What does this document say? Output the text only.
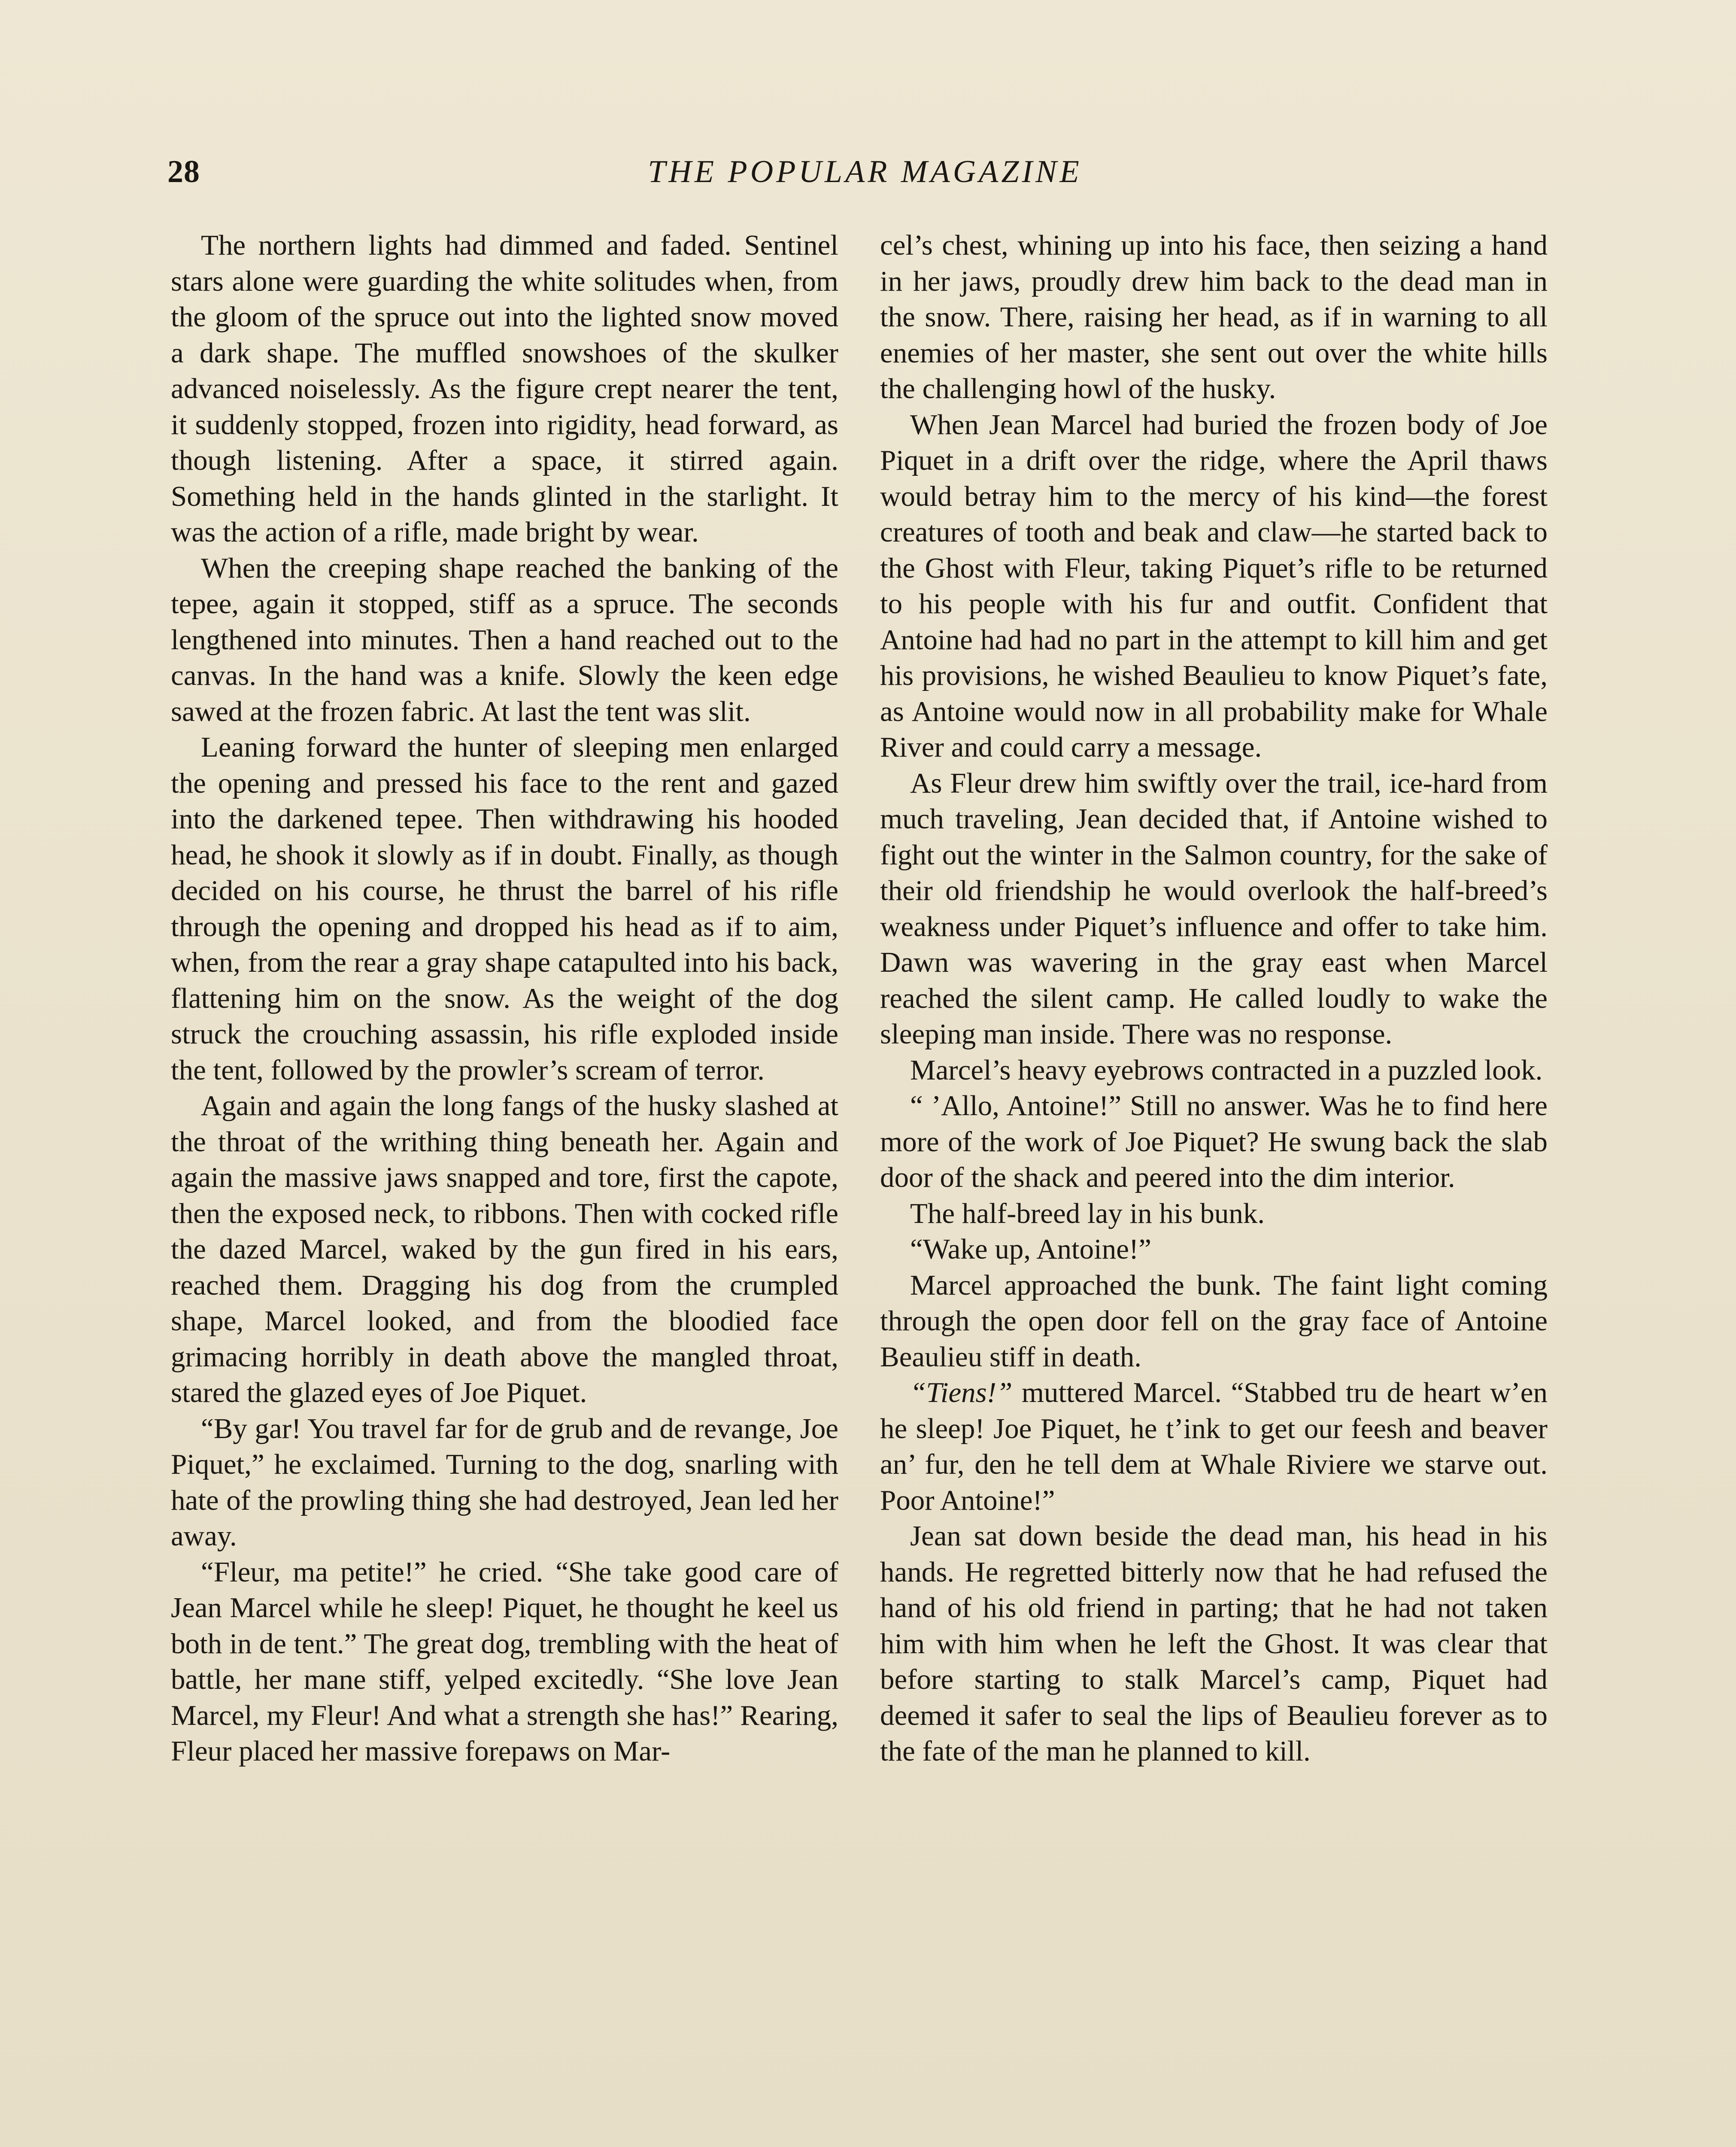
28	THE POPULAR MAGAZINE

The northern lights had dimmed and faded. Sentinel stars alone were guarding the white solitudes when, from the gloom of the spruce out into the lighted snow moved a dark shape. The muffled snowshoes of the skulker advanced noiselessly. As the figure crept nearer the tent, it suddenly stopped, frozen into rigidity, head forward, as though listening. After a space, it stirred again. Something held in the hands glinted in the starlight. It was the action of a rifle, made bright by wear.

When the creeping shape reached the banking of the tepee, again it stopped, stiff as a spruce. The seconds lengthened into minutes. Then a hand reached out to the canvas. In the hand was a knife. Slowly the keen edge sawed at the frozen fabric. At last the tent was slit.

Leaning forward the hunter of sleeping men enlarged the opening and pressed his face to the rent and gazed into the darkened tepee. Then withdrawing his hooded head, he shook it slowly as if in doubt. Finally, as though decided on his course, he thrust the barrel of his rifle through the opening and dropped his head as if to aim, when, from the rear a gray shape catapulted into his back, flattening him on the snow. As the weight of the dog struck the crouching assassin, his rifle exploded inside the tent, followed by the prowler’s scream of terror.

Again and again the long fangs of the husky slashed at the throat of the writhing thing beneath her. Again and again the massive jaws snapped and tore, first the capote, then the exposed neck, to ribbons. Then with cocked rifle the dazed Marcel, waked by the gun fired in his ears, reached them. Dragging his dog from the crumpled shape, Marcel looked, and from the bloodied face grimacing horribly in death above the mangled throat, stared the glazed eyes of Joe Piquet.

“By gar! You travel far for de grub and de revange, Joe Piquet,” he exclaimed. Turning to the dog, snarling with hate of the prowling thing she had destroyed, Jean led her away.

“Fleur, ma petite!” he cried. “She take good care of Jean Marcel while he sleep! Piquet, he thought he keel us both in de tent.” The great dog, trembling with the heat of battle, her mane stiff, yelped excitedly. “She love Jean Marcel, my Fleur! And what a strength she has!” Rearing, Fleur placed her massive forepaws on Mar-

cel’s chest, whining up into his face, then seizing a hand in her jaws, proudly drew him back to the dead man in the snow. There, raising her head, as if in warning to all enemies of her master, she sent out over the white hills the challenging howl of the husky.

When Jean Marcel had buried the frozen body of Joe Piquet in a drift over the ridge, where the April thaws would betray him to the mercy of his kind—the forest creatures of tooth and beak and claw—he started back to the Ghost with Fleur, taking Piquet’s rifle to be returned to his people with his fur and outfit. Confident that Antoine had had no part in the attempt to kill him and get his provisions, he wished Beaulieu to know Piquet’s fate, as Antoine would now in all probability make for Whale River and could carry a message.

As Fleur drew him swiftly over the trail, ice-hard from much traveling, Jean decided that, if Antoine wished to fight out the winter in the Salmon country, for the sake of their old friendship he would overlook the half-breed’s weakness under Piquet’s influence and offer to take him. Dawn was wavering in the gray east when Marcel reached the silent camp. He called loudly to wake the sleeping man inside. There was no response.

Marcel’s heavy eyebrows contracted in a puzzled look.

“ ’Allo, Antoine!” Still no answer. Was he to find here more of the work of Joe Piquet? He swung back the slab door of the shack and peered into the dim interior.

The half-breed lay in his bunk.

“Wake up, Antoine!”

Marcel approached the bunk. The faint light coming through the open door fell on the gray face of Antoine Beaulieu stiff in death.

“Tiens!” muttered Marcel. “Stabbed tru de heart w’en he sleep! Joe Piquet, he t’ink to get our feesh and beaver an’ fur, den he tell dem at Whale Riviere we starve out. Poor Antoine!”

Jean sat down beside the dead man, his head in his hands. He regretted bitterly now that he had refused the hand of his old friend in parting; that he had not taken him with him when he left the Ghost. It was clear that before starting to stalk Marcel’s camp, Piquet had deemed it safer to seal the lips of Beaulieu forever as to the fate of the man he planned to kill.
